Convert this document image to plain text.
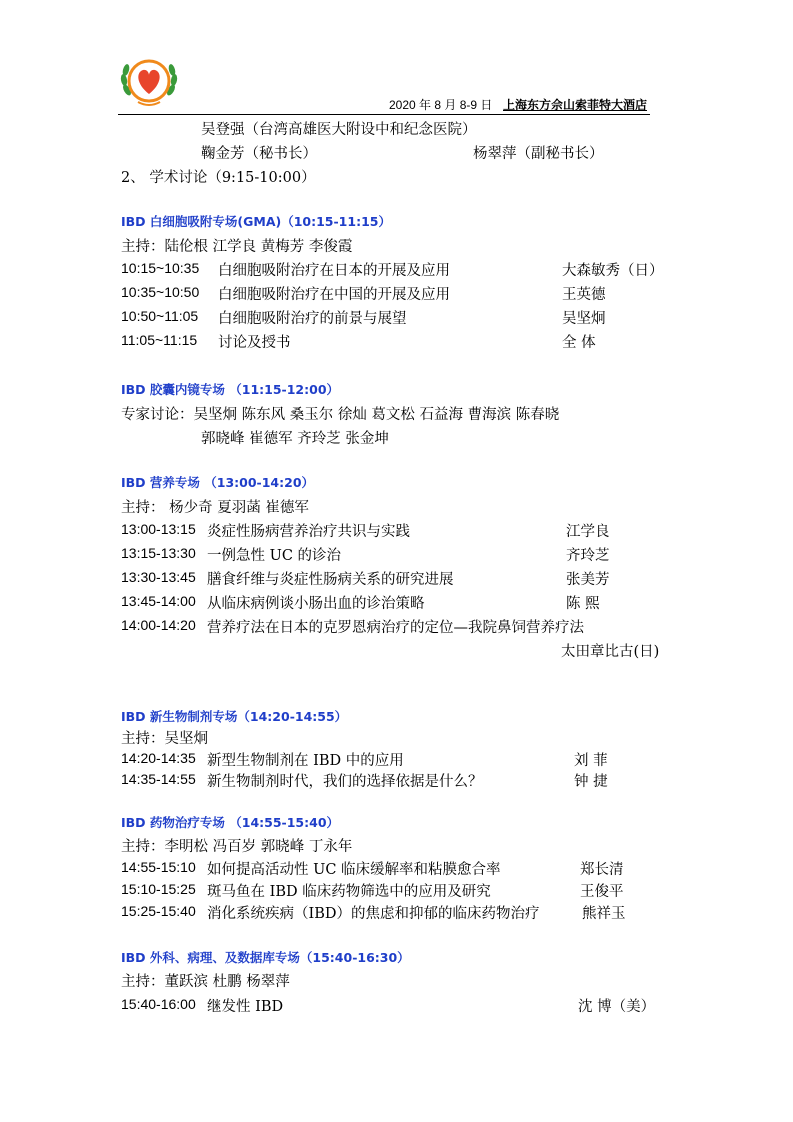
2020 年 8 月 8-9 日 上海东方佘山索菲特大酒店
吴登强（台湾高雄医大附设中和纪念医院）
鞠金芳（秘书长）	杨翠萍（副秘书长）
2、 学术讨论（9:15-10:00）
IBD 白细胞吸附专场(GMA)（10:15-11:15）
主持：陆伦根 江学良 黄梅芳 李俊霞
10:15~10:35 白细胞吸附治疗在日本的开展及应用	大森敏秀（日）
10:35~10:50 白细胞吸附治疗在中国的开展及应用	王英德
10:50~11:05 白细胞吸附治疗的前景与展望	吴坚炯
11:05~11:15 讨论及授书	全 体
IBD 胶囊内镜专场 （11:15-12:00）
专家讨论：吴坚炯 陈东风 桑玉尔 徐灿 葛文松 石益海 曹海滨 陈春晓
郭晓峰 崔德军 齐玲芝 张金坤
IBD 营养专场 （13:00-14:20）
主持： 杨少奇 夏羽菡 崔德军
13:00-13:15 炎症性肠病营养治疗共识与实践	江学良
13:15-13:30 一例急性 UC 的诊治	齐玲芝
13:30-13:45 膳食纤维与炎症性肠病关系的研究进展	张美芳
13:45-14:00 从临床病例谈小肠出血的诊治策略	陈 熙
14:00-14:20 营养疗法在日本的克罗恩病治疗的定位—我院鼻饲营养疗法
太田章比古(日)
IBD 新生物制剂专场（14:20-14:55）
主持：吴坚炯
14:20-14:35 新型生物制剂在 IBD 中的应用	刘 菲
14:35-14:55 新生物制剂时代，我们的选择依据是什么？	钟 捷
IBD 药物治疗专场 （14:55-15:40）
主持：李明松 冯百岁 郭晓峰 丁永年
14:55-15:10 如何提高活动性 UC 临床缓解率和粘膜愈合率	郑长清
15:10-15:25 斑马鱼在 IBD 临床药物筛选中的应用及研究	王俊平
15:25-15:40 消化系统疾病（IBD）的焦虑和抑郁的临床药物治疗	熊祥玉
IBD 外科、病理、及数据库专场（15:40-16:30）
主持：董跃滨 杜鹏 杨翠萍
15:40-16:00 继发性 IBD	沈 博（美）
